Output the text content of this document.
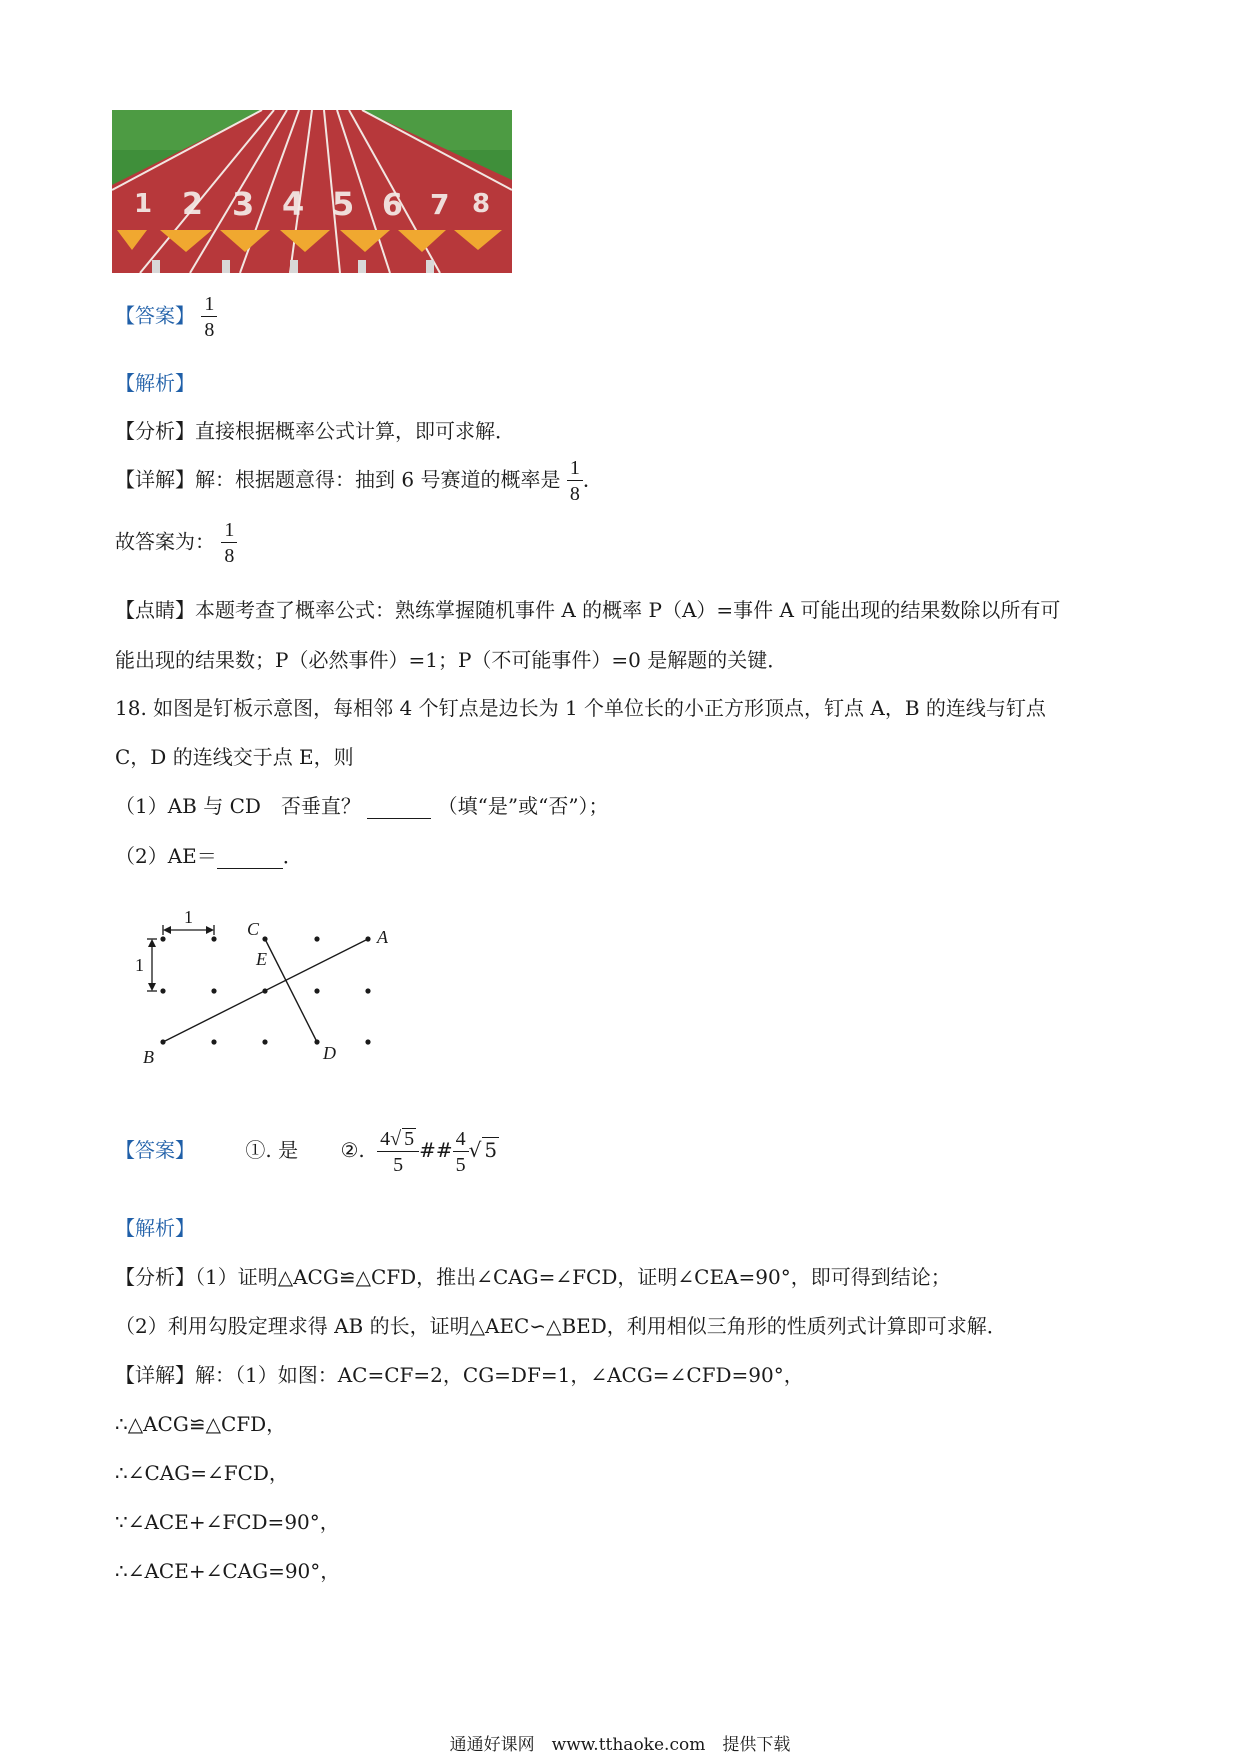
1 2 3 4 5 6 7 8
【答案】 $\frac{1}{8}$
【解析】
【分析】直接根据概率公式计算，即可求解．
【详解】解：根据题意得：抽到 6 号赛道的概率是 $\frac{1}{8}$ ．
故答案为： $\frac{1}{8}$
【点睛】本题考查了概率公式：熟练掌握随机事件 A 的概率 P（A）=事件 A 可能出现的结果数除以所有可
能出现的结果数；P（必然事件）=1；P（不可能事件）=0 是解题的关键．
18. 如图是钉板示意图，每相邻 4 个钉点是边长为 1 个单位长的小正方形顶点，钉点 A，B 的连线与钉点
C，D 的连线交于点 E，则
（1）AB 与 CD　否垂直？	（填“是”或“否”）；
（2）AE＝	．
1
1
C
E
A
B	D
【答案】	①. 是 ②. $\frac{4√ 5}{5}$ ## $\frac{4}{5}$ √ 5
【解析】
【分析】（1）证明△ACG≌△CFD，推出∠CAG=∠FCD，证明∠CEA=90°，即可得到结论；
（2）利用勾股定理求得 AB 的长，证明△AEC∽△BED，利用相似三角形的性质列式计算即可求解．
【详解】解：（1）如图：AC=CF=2，CG=DF=1，∠ACG=∠CFD=90°，
∴△ACG≌△CFD，
∴∠CAG=∠FCD，
∵∠ACE+∠FCD=90°，
∴∠ACE+∠CAG=90°，
通通好课网　www.tthaoke.com　提供下载
